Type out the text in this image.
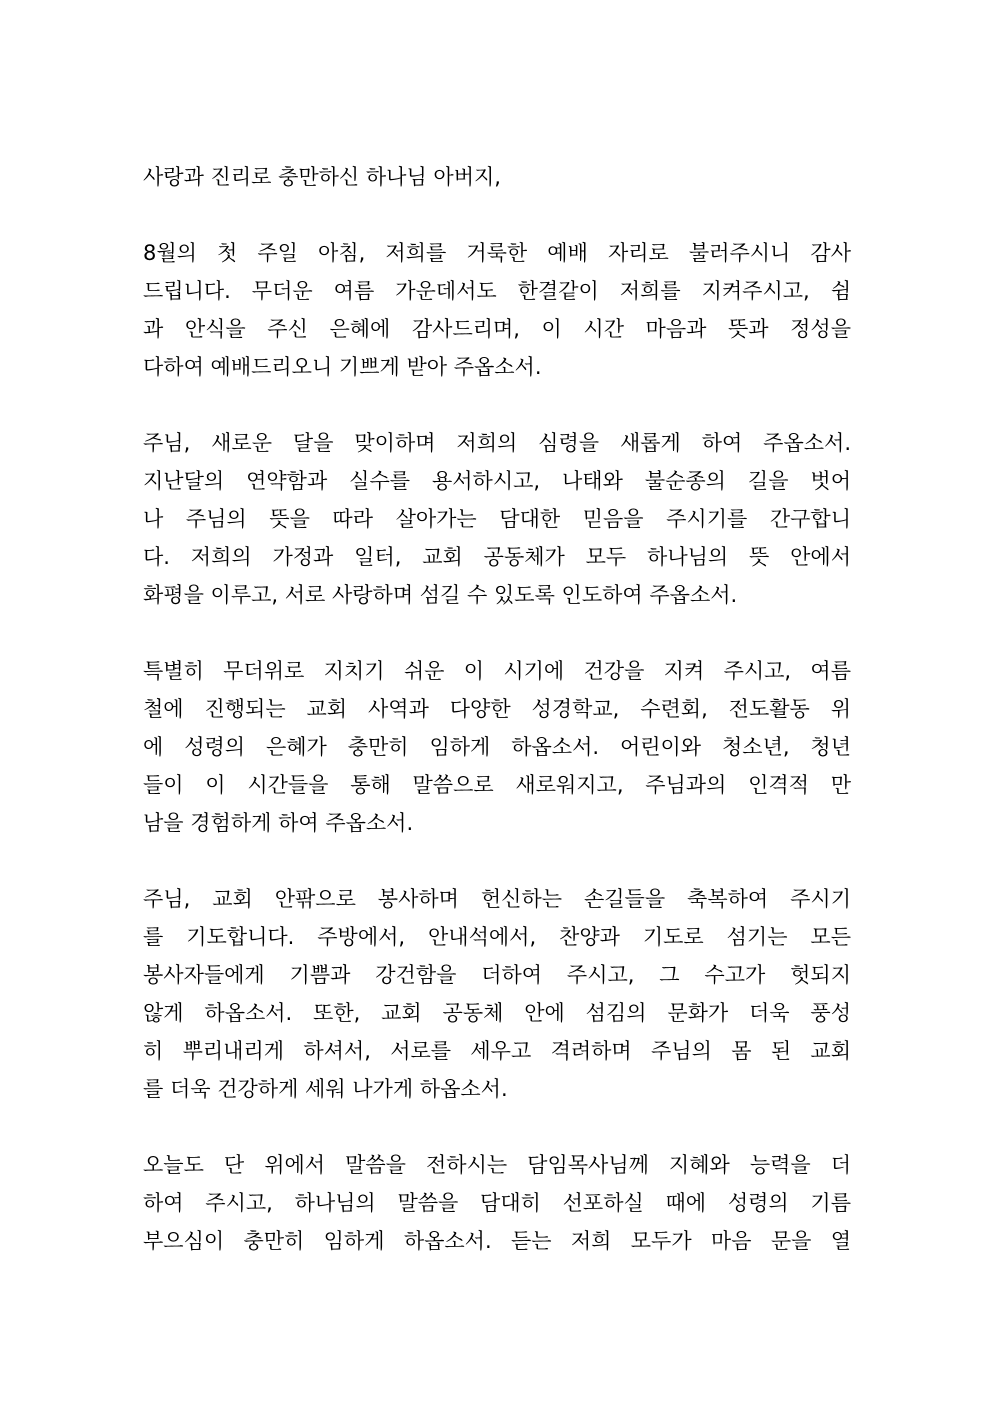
사랑과 진리로 충만하신 하나님 아버지,

8월의 첫 주일 아침, 저희를 거룩한 예배 자리로 불러주시니 감사
드립니다. 무더운 여름 가운데서도 한결같이 저희를 지켜주시고, 쉼
과 안식을 주신 은혜에 감사드리며, 이 시간 마음과 뜻과 정성을
다하여 예배드리오니 기쁘게 받아 주옵소서.

주님, 새로운 달을 맞이하며 저희의 심령을 새롭게 하여 주옵소서.
지난달의 연약함과 실수를 용서하시고, 나태와 불순종의 길을 벗어
나 주님의 뜻을 따라 살아가는 담대한 믿음을 주시기를 간구합니
다. 저희의 가정과 일터, 교회 공동체가 모두 하나님의 뜻 안에서
화평을 이루고, 서로 사랑하며 섬길 수 있도록 인도하여 주옵소서.

특별히 무더위로 지치기 쉬운 이 시기에 건강을 지켜 주시고, 여름
철에 진행되는 교회 사역과 다양한 성경학교, 수련회, 전도활동 위
에 성령의 은혜가 충만히 임하게 하옵소서. 어린이와 청소년, 청년
들이 이 시간들을 통해 말씀으로 새로워지고, 주님과의 인격적 만
남을 경험하게 하여 주옵소서.

주님, 교회 안팎으로 봉사하며 헌신하는 손길들을 축복하여 주시기
를 기도합니다. 주방에서, 안내석에서, 찬양과 기도로 섬기는 모든
봉사자들에게 기쁨과 강건함을 더하여 주시고, 그 수고가 헛되지
않게 하옵소서. 또한, 교회 공동체 안에 섬김의 문화가 더욱 풍성
히 뿌리내리게 하셔서, 서로를 세우고 격려하며 주님의 몸 된 교회
를 더욱 건강하게 세워 나가게 하옵소서.

오늘도 단 위에서 말씀을 전하시는 담임목사님께 지혜와 능력을 더
하여 주시고, 하나님의 말씀을 담대히 선포하실 때에 성령의 기름
부으심이 충만히 임하게 하옵소서. 듣는 저희 모두가 마음 문을 열
